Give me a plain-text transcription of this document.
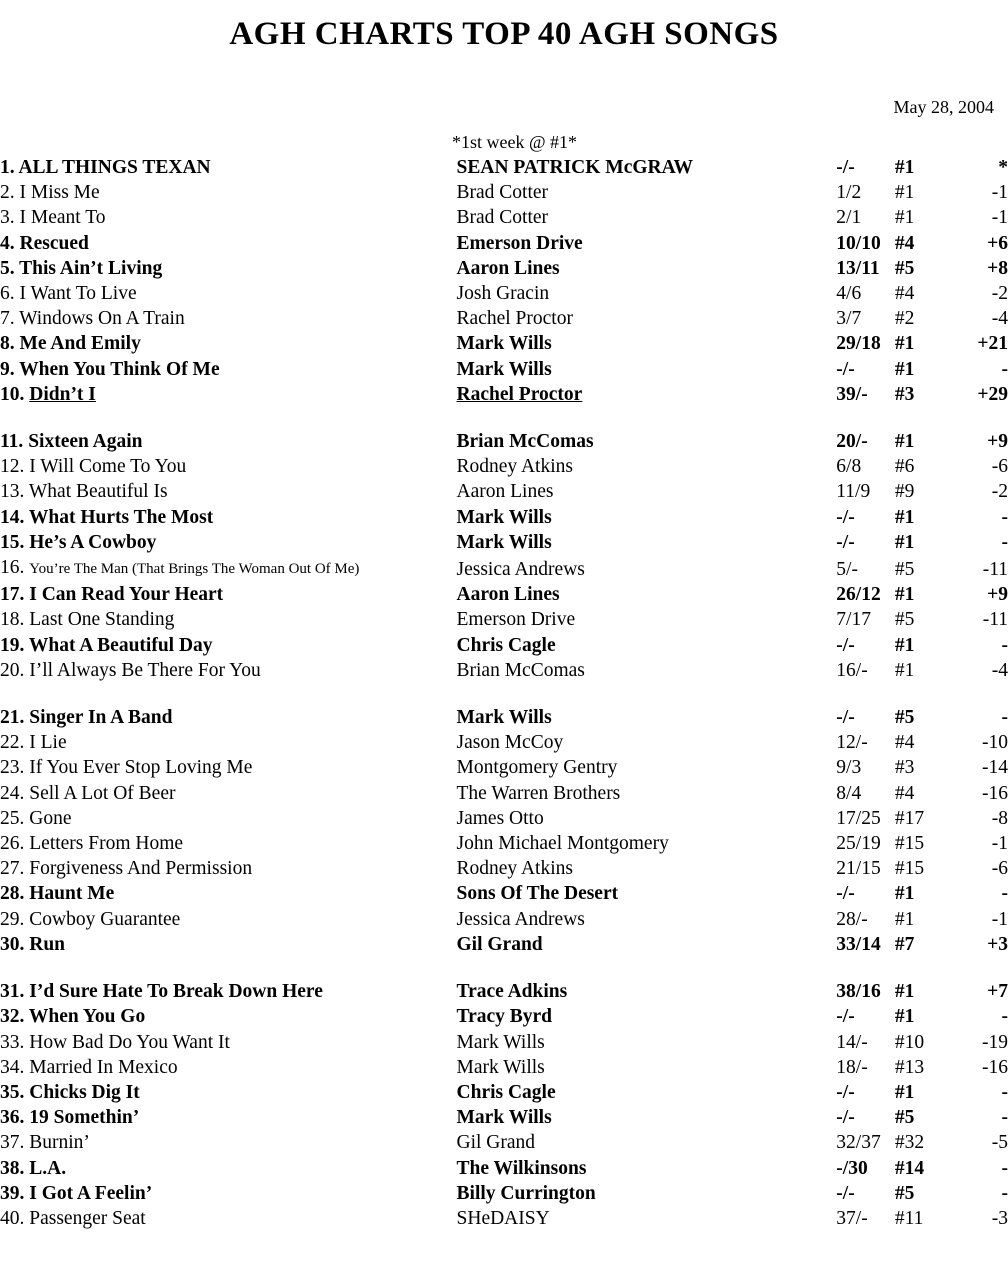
AGH CHARTS TOP 40 AGH SONGS
May 28, 2004
*1st week @ #1*
1. ALL THINGS TEXAN	SEAN PATRICK McGRAW	-/-	#1	*
2. I Miss Me	Brad Cotter	1/2	#1	-1
3. I Meant To	Brad Cotter	2/1	#1	-1
4. Rescued	Emerson Drive	10/10	#4	+6
5. This Ain’t Living	Aaron Lines	13/11	#5	+8
6. I Want To Live	Josh Gracin	4/6	#4	-2
7. Windows On A Train	Rachel Proctor	3/7	#2	-4
8. Me And Emily	Mark Wills	29/18	#1	+21
9. When You Think Of Me	Mark Wills	-/-	#1	-
10. Didn’t I	Rachel Proctor	39/-	#3	+29

11. Sixteen Again	Brian McComas	20/-	#1	+9
12. I Will Come To You	Rodney Atkins	6/8	#6	-6
13. What Beautiful Is	Aaron Lines	11/9	#9	-2
14. What Hurts The Most	Mark Wills	-/-	#1	-
15. He’s A Cowboy	Mark Wills	-/-	#1	-
16. You’re The Man (That Brings The Woman Out Of Me)	Jessica Andrews	5/-	#5	-11
17. I Can Read Your Heart	Aaron Lines	26/12	#1	+9
18. Last One Standing	Emerson Drive	7/17	#5	-11
19. What A Beautiful Day	Chris Cagle	-/-	#1	-
20. I’ll Always Be There For You	Brian McComas	16/-	#1	-4

21. Singer In A Band	Mark Wills	-/-	#5	-
22. I Lie	Jason McCoy	12/-	#4	-10
23. If You Ever Stop Loving Me	Montgomery Gentry	9/3	#3	-14
24. Sell A Lot Of Beer	The Warren Brothers	8/4	#4	-16
25. Gone	James Otto	17/25	#17	-8
26. Letters From Home	John Michael Montgomery	25/19	#15	-1
27. Forgiveness And Permission	Rodney Atkins	21/15	#15	-6
28. Haunt Me	Sons Of The Desert	-/-	#1	-
29. Cowboy Guarantee	Jessica Andrews	28/-	#1	-1
30. Run	Gil Grand	33/14	#7	+3

31. I’d Sure Hate To Break Down Here	Trace Adkins	38/16	#1	+7
32. When You Go	Tracy Byrd	-/-	#1	-
33. How Bad Do You Want It	Mark Wills	14/-	#10	-19
34. Married In Mexico	Mark Wills	18/-	#13	-16
35. Chicks Dig It	Chris Cagle	-/-	#1	-
36. 19 Somethin’	Mark Wills	-/-	#5	-
37. Burnin’	Gil Grand	32/37	#32	-5
38. L.A.	The Wilkinsons	-/30	#14	-
39. I Got A Feelin’	Billy Currington	-/-	#5	-
40. Passenger Seat	SHeDAISY	37/-	#11	-3
